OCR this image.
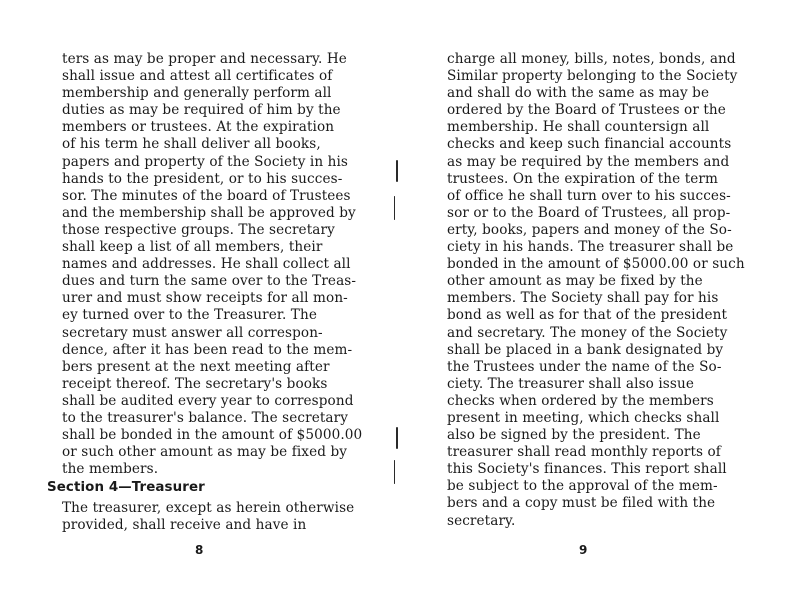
ters as may be proper and necessary. He
shall issue and attest all certificates of
membership and generally perform all
duties as may be required of him by the
members or trustees. At the expiration
of his term he shall deliver all books,
papers and property of the Society in his
hands to the president, or to his succes-
sor. The minutes of the board of Trustees
and the membership shall be approved by
those respective groups. The secretary
shall keep a list of all members, their
names and addresses. He shall collect all
dues and turn the same over to the Treas-
urer and must show receipts for all mon-
ey turned over to the Treasurer. The
secretary must answer all correspon-
dence, after it has been read to the mem-
bers present at the next meeting after
receipt thereof. The secretary's books
shall be audited every year to correspond
to the treasurer's balance. The secretary
shall be bonded in the amount of $5000.00
or such other amount as may be fixed by
the members.
Section 4—Treasurer
The treasurer, except as herein otherwise
provided, shall receive and have in
8
charge all money, bills, notes, bonds, and
Similar property belonging to the Society
and shall do with the same as may be
ordered by the Board of Trustees or the
membership. He shall countersign all
checks and keep such financial accounts
as may be required by the members and
trustees. On the expiration of the term
of office he shall turn over to his succes-
sor or to the Board of Trustees, all prop-
erty, books, papers and money of the So-
ciety in his hands. The treasurer shall be
bonded in the amount of $5000.00 or such
other amount as may be fixed by the
members. The Society shall pay for his
bond as well as for that of the president
and secretary. The money of the Society
shall be placed in a bank designated by
the Trustees under the name of the So-
ciety. The treasurer shall also issue
checks when ordered by the members
present in meeting, which checks shall
also be signed by the president. The
treasurer shall read monthly reports of
this Society's finances. This report shall
be subject to the approval of the mem-
bers and a copy must be filed with the
secretary.
9
